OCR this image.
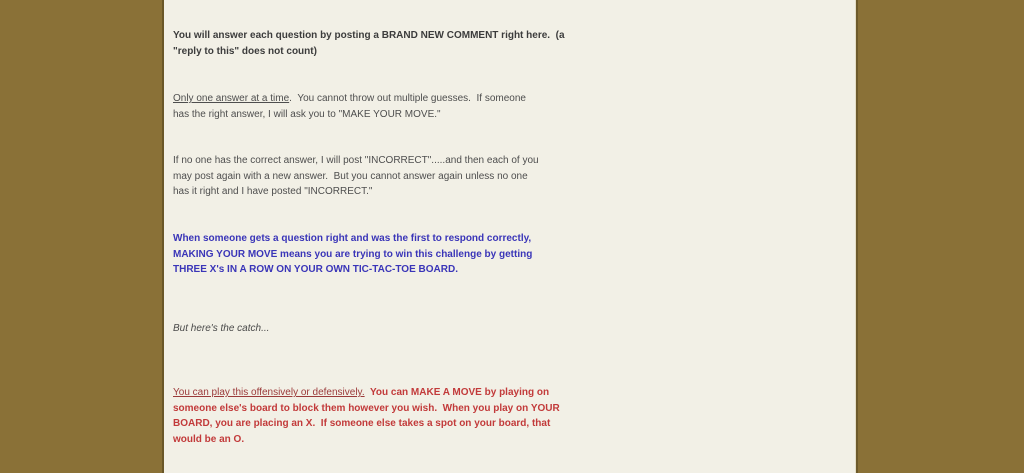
You will answer each question by posting a BRAND NEW COMMENT right here.  (a
"reply to this" does not count)
Only one answer at a time.  You cannot throw out multiple guesses.  If someone
has the right answer, I will ask you to "MAKE YOUR MOVE."
If no one has the correct answer, I will post "INCORRECT".....and then each of you
may post again with a new answer.  But you cannot answer again unless no one
has it right and I have posted "INCORRECT."
When someone gets a question right and was the first to respond correctly,
MAKING YOUR MOVE means you are trying to win this challenge by getting
THREE X's IN A ROW ON YOUR OWN TIC-TAC-TOE BOARD.
But here's the catch...
You can play this offensively or defensively.  You can MAKE A MOVE by playing on
someone else's board to block them however you wish.  When you play on YOUR
BOARD, you are placing an X.  If someone else takes a spot on your board, that
would be an O.
